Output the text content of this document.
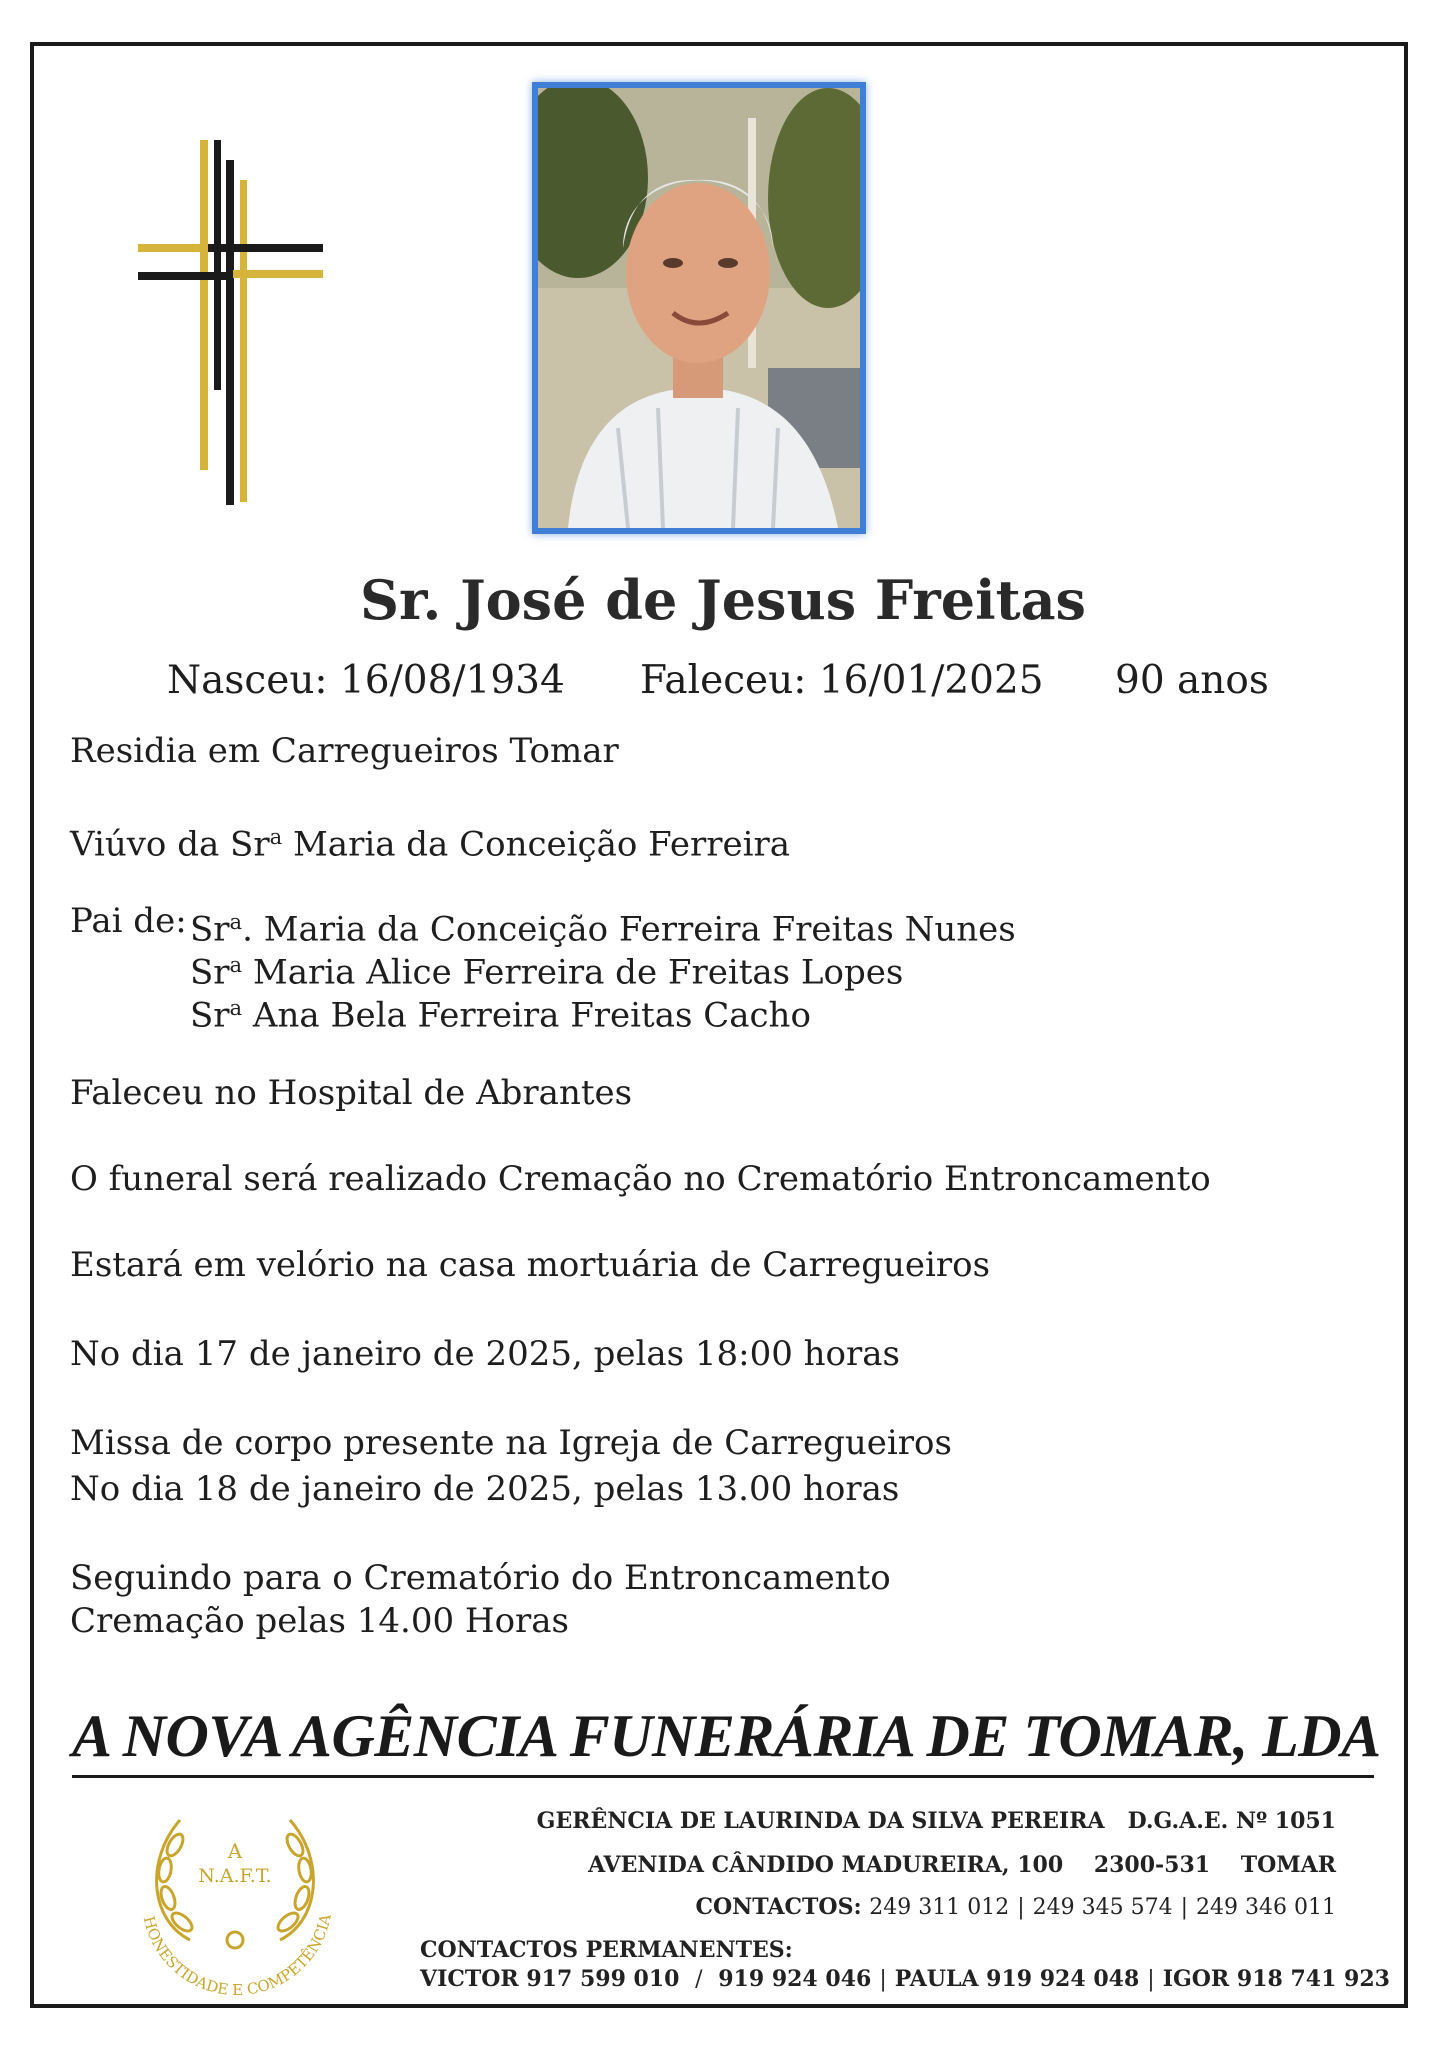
Sr. José de Jesus Freitas
Nasceu: 16/08/1934 Faleceu: 16/01/2025 90 anos
Residia em Carregueiros Tomar
Viúvo da Sr$^a$ Maria da Conceição Ferreira
Pai de: Sr$^a$. Maria da Conceição Ferreira Freitas Nunes
Sr$^a$ Maria Alice Ferreira de Freitas Lopes
Sr$^a$ Ana Bela Ferreira Freitas Cacho
Faleceu no Hospital de Abrantes
O funeral será realizado Cremação no Crematório Entroncamento
Estará em velório na casa mortuária de Carregueiros
No dia 17 de janeiro de 2025, pelas 18:00 horas
Missa de corpo presente na Igreja de Carregueiros
No dia 18 de janeiro de 2025, pelas 13.00 horas
Seguindo para o Crematório do Entroncamento
Cremação pelas 14.00 Horas
A NOVA AGÊNCIA FUNERÁRIA DE TOMAR, LDA
A
N.A.F.T.
HONESTIDADE E COMPETÊNCIA
GERÊNCIA DE LAURINDA DA SILVA PEREIRA D.G.A.E. Nº 1051
AVENIDA CÂNDIDO MADUREIRA, 100 2300-531 TOMAR
CONTACTOS: 249 311 012 | 249 345 574 | 249 346 011
CONTACTOS PERMANENTES:
VICTOR 917 599 010 / 919 924 046 | PAULA 919 924 048 | IGOR 918 741 923
